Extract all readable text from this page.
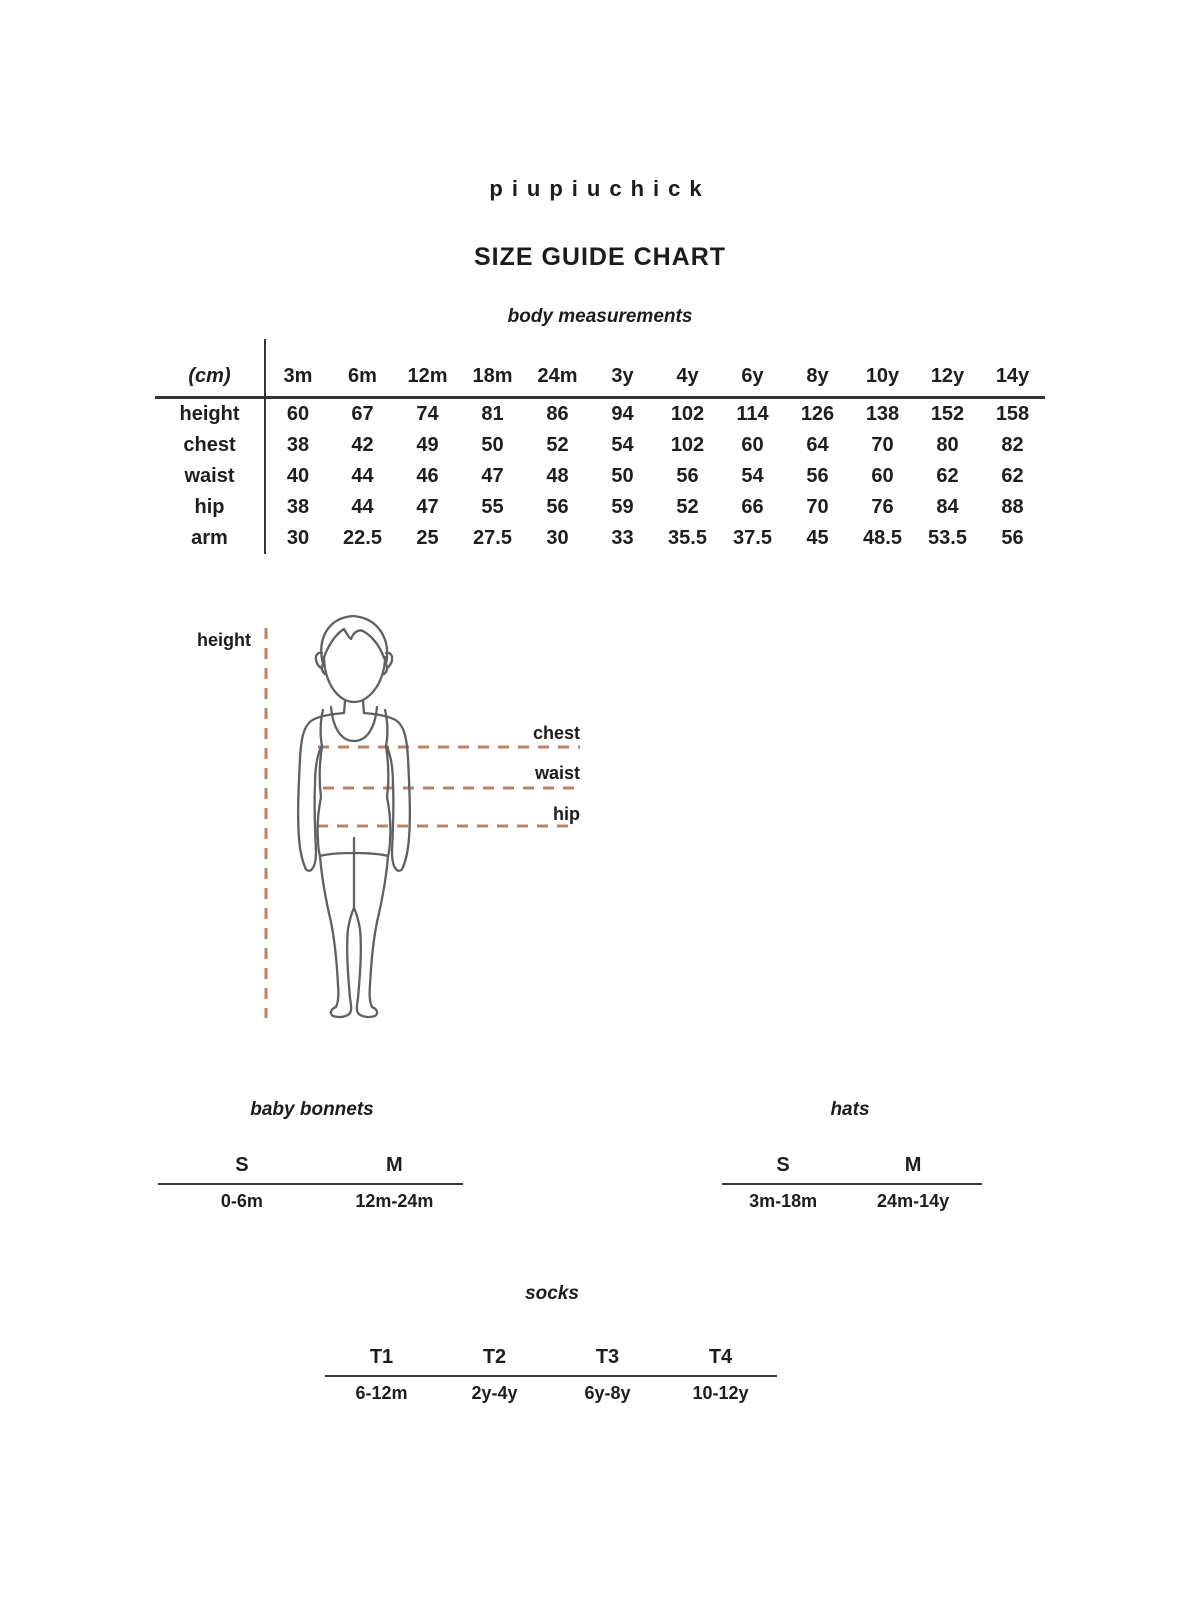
piupiuchick
SIZE GUIDE CHART
body measurements
(cm)	3m	6m	12m	18m	24m	3y	4y	6y	8y	10y	12y	14y
height	60	67	74	81	86	94	102	114	126	138	152	158
chest	38	42	49	50	52	54	102	60	64	70	80	82
waist	40	44	46	47	48	50	56	54	56	60	62	62
hip	38	44	47	55	56	59	52	66	70	76	84	88
arm	30	22.5	25	27.5	30	33	35.5	37.5	45	48.5	53.5	56
height
chest
waist
hip
baby bonnets
S	M
0-6m	12m-24m
hats
S	M
3m-18m	24m-14y
socks
T1	T2	T3	T4
6-12m	2y-4y	6y-8y	10-12y
